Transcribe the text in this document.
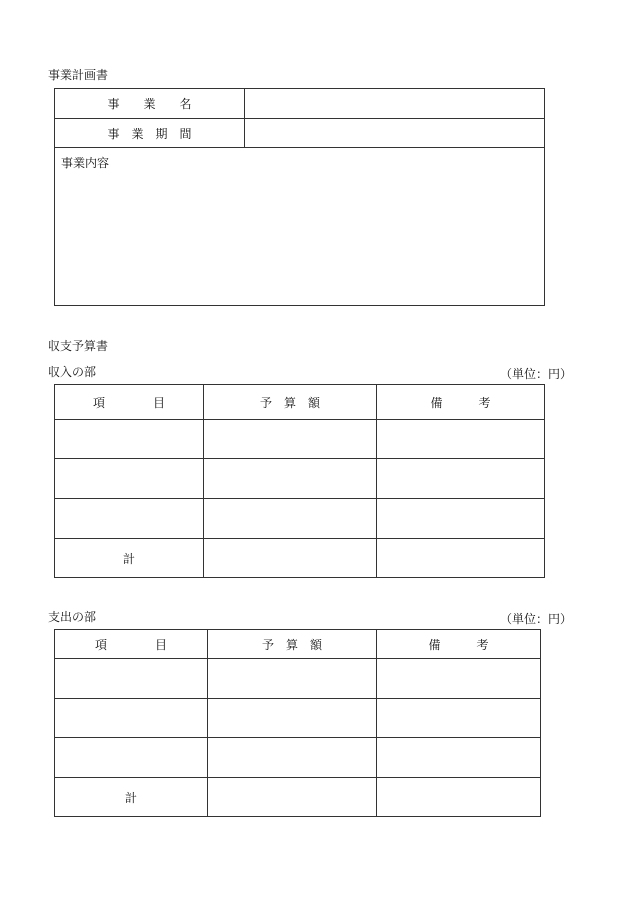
事業計画書
事　　業　　名	
事　業　期　間	

事業内容	
収支予算書
収入の部	（単位：円）
項　　　　目	予　算　額	備　　　考

計		
支出の部	（単位：円）
項　　　　目	予　算　額	備　　　考

計		
